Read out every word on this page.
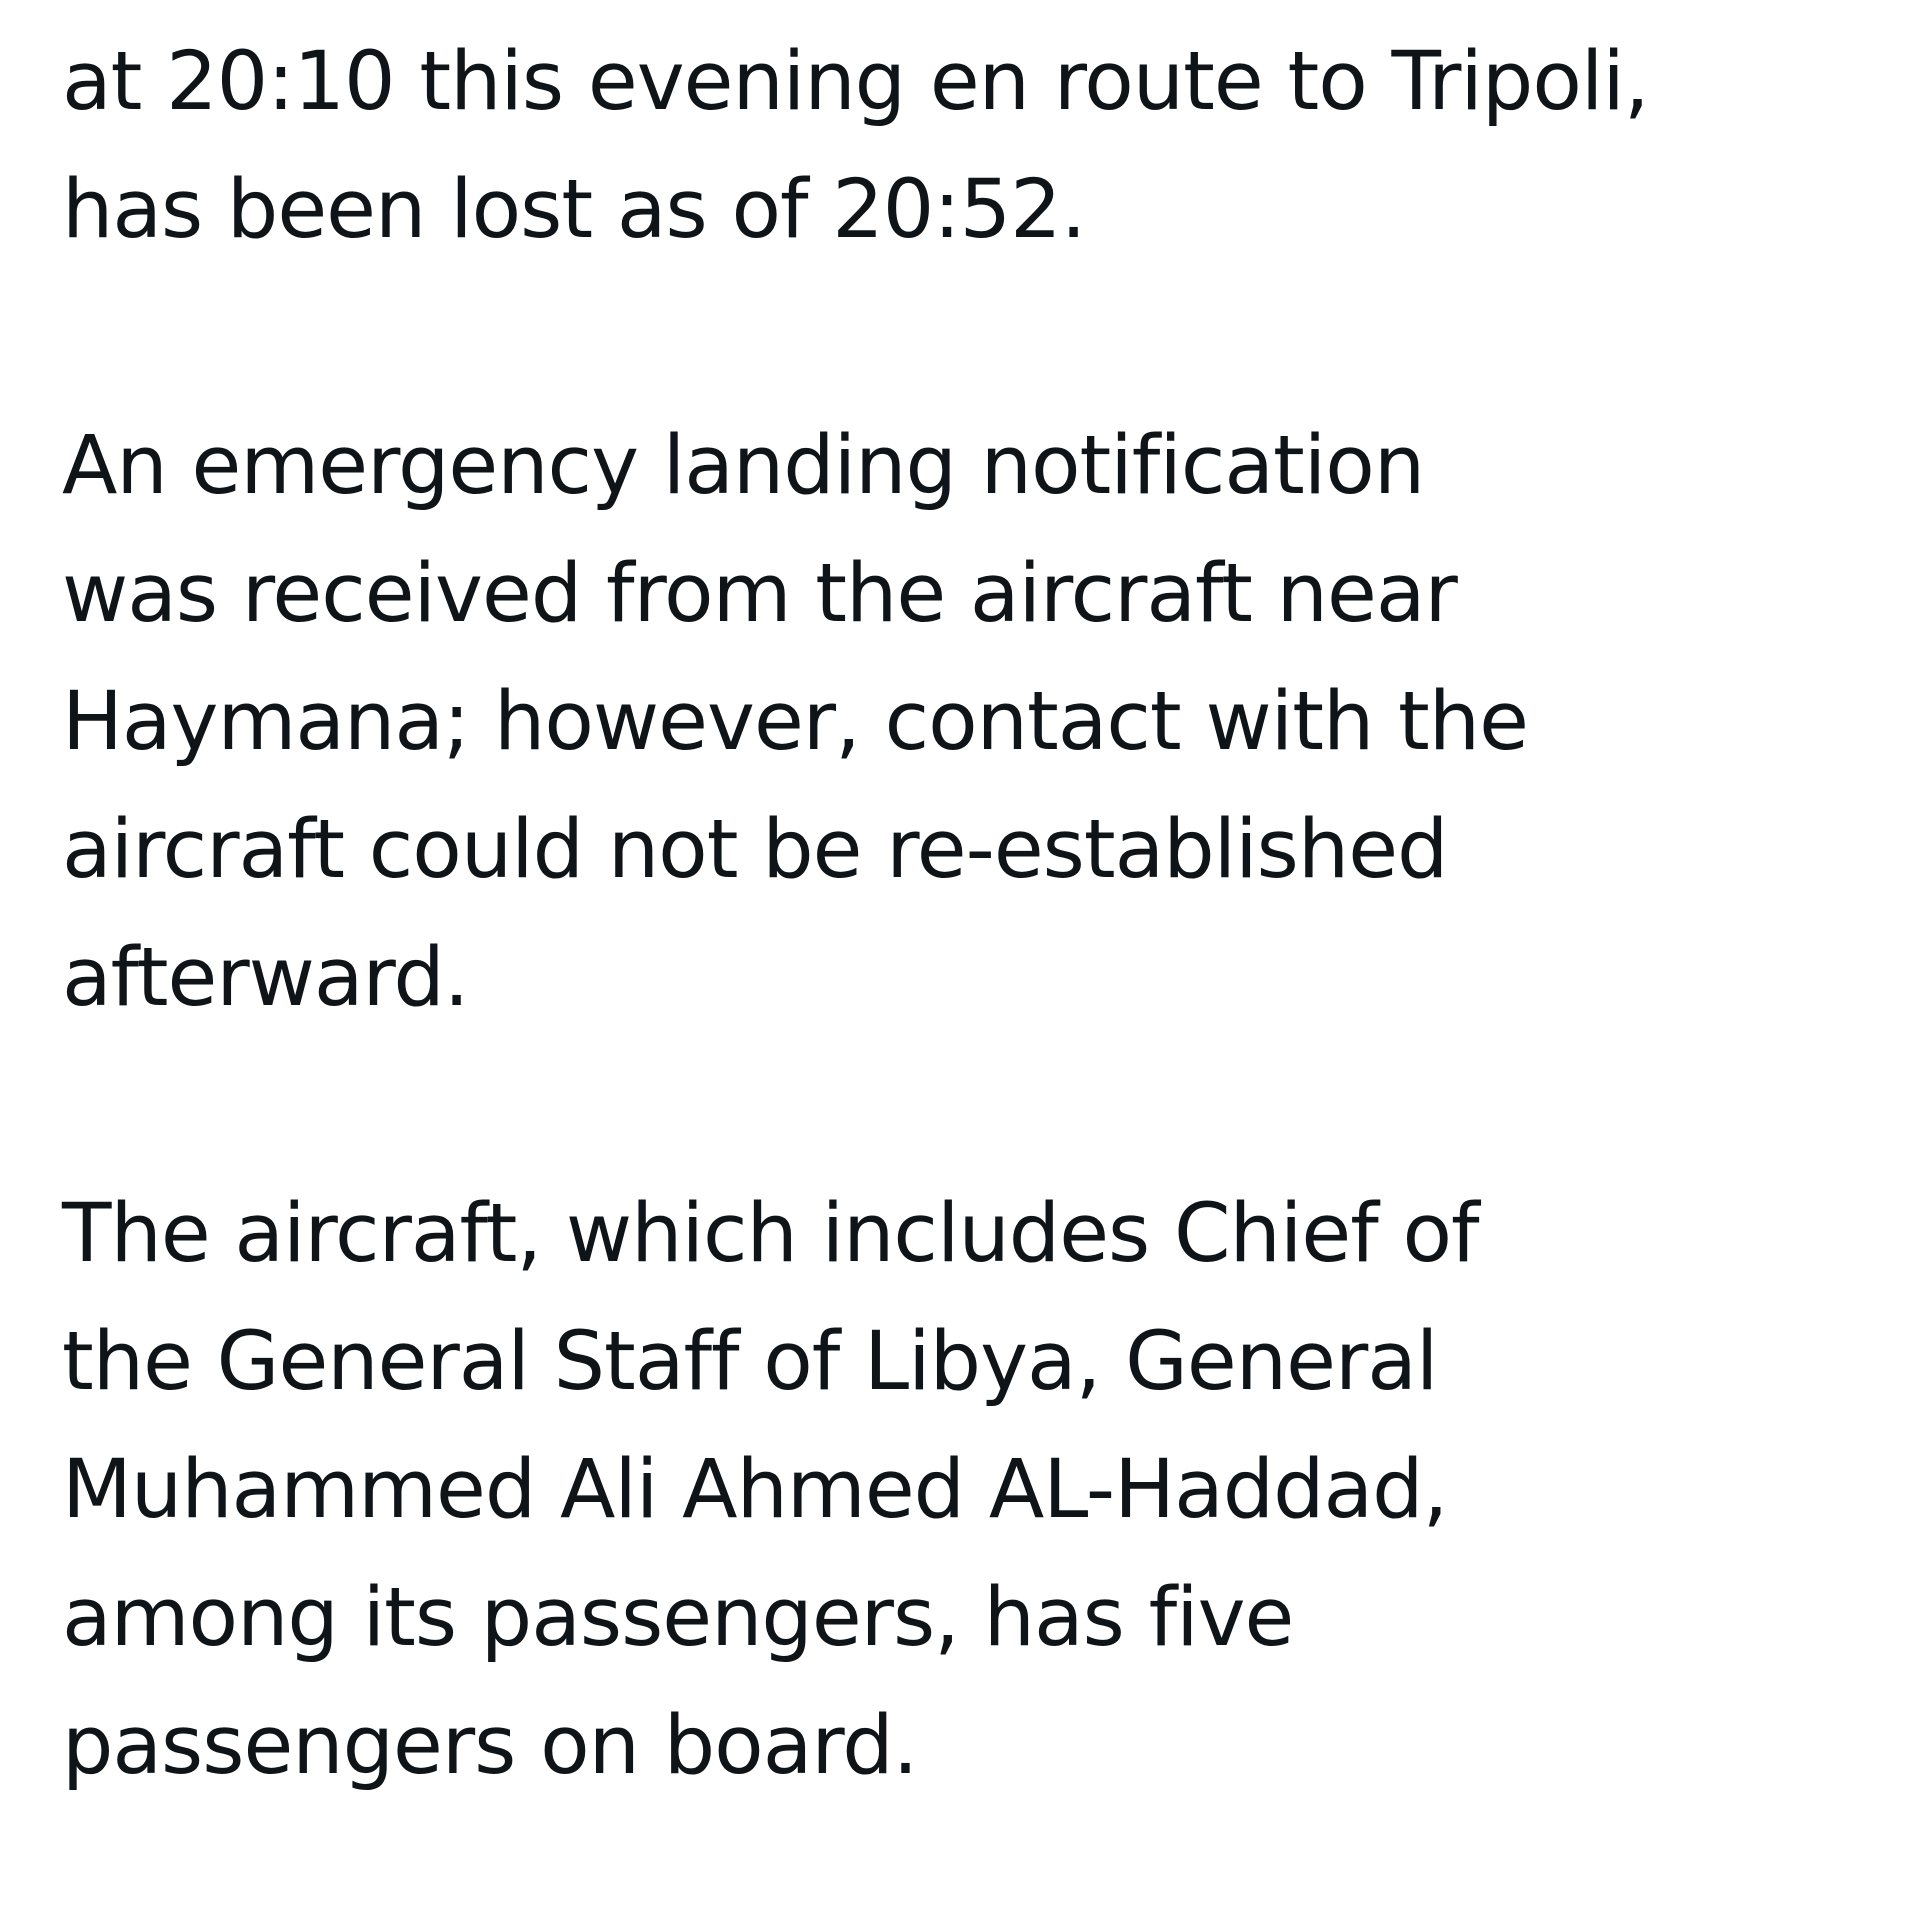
at 20:10 this evening en route to Tripoli,
has been lost as of 20:52.
An emergency landing notification
was received from the aircraft near
Haymana; however, contact with the
aircraft could not be re-established
afterward.
The aircraft, which includes Chief of
the General Staff of Libya, General
Muhammed Ali Ahmed AL-Haddad,
among its passengers, has five
passengers on board.
